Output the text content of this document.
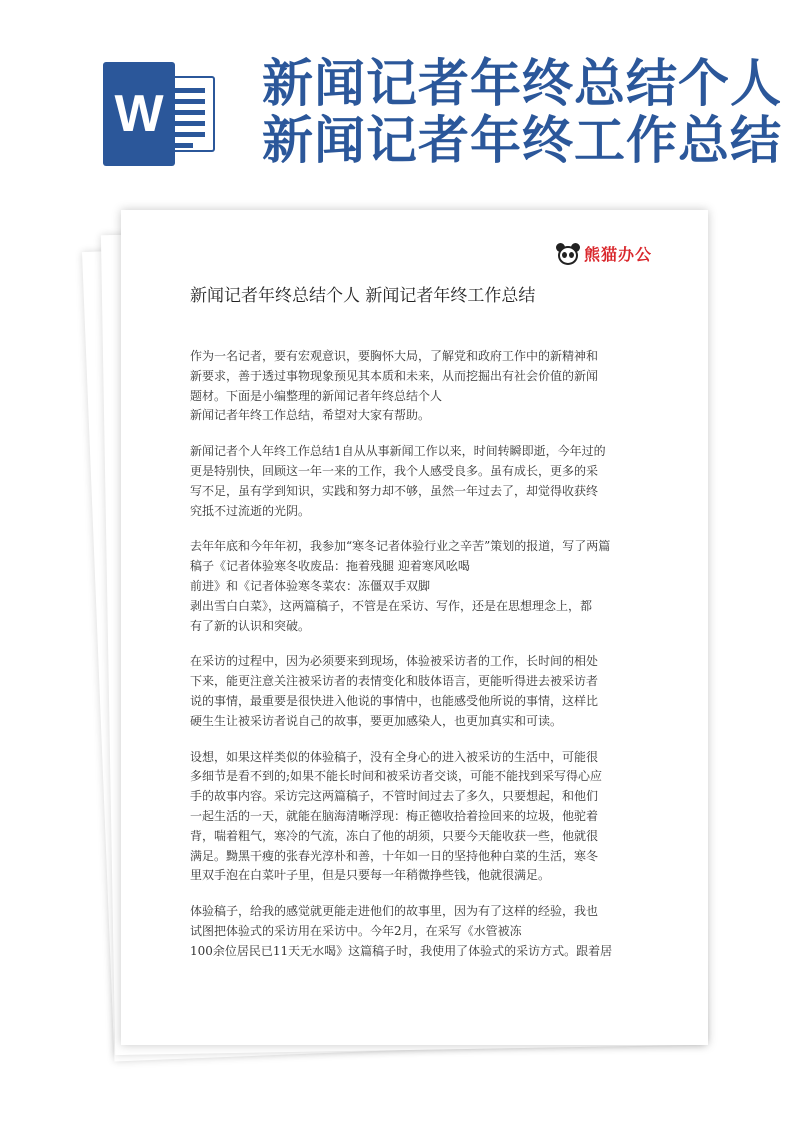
W 新闻记者年终总结个人
新闻记者年终工作总结
熊猫办公
新闻记者年终总结个人 新闻记者年终工作总结

作为一名记者，要有宏观意识，要胸怀大局，了解党和政府工作中的新精神和
新要求，善于透过事物现象预见其本质和未来，从而挖掘出有社会价值的新闻
题材。下面是小编整理的新闻记者年终总结个人
新闻记者年终工作总结，希望对大家有帮助。

新闻记者个人年终工作总结1自从从事新闻工作以来，时间转瞬即逝，今年过的
更是特别快，回顾这一年一来的工作，我个人感受良多。虽有成长，更多的采
写不足，虽有学到知识，实践和努力却不够，虽然一年过去了，却觉得收获终
究抵不过流逝的光阴。

去年年底和今年年初，我参加“寒冬记者体验行业之辛苦”策划的报道，写了两篇
稿子《记者体验寒冬收废品：拖着残腿 迎着寒风吆喝
前进》和《记者体验寒冬菜农：冻僵双手双脚
剥出雪白白菜》，这两篇稿子，不管是在采访、写作，还是在思想理念上，都
有了新的认识和突破。

在采访的过程中，因为必须要来到现场，体验被采访者的工作，长时间的相处
下来，能更注意关注被采访者的表情变化和肢体语言，更能听得进去被采访者
说的事情，最重要是很快进入他说的事情中，也能感受他所说的事情，这样比
硬生生让被采访者说自己的故事，要更加感染人，也更加真实和可读。

设想，如果这样类似的体验稿子，没有全身心的进入被采访的生活中，可能很
多细节是看不到的;如果不能长时间和被采访者交谈，可能不能找到采写得心应
手的故事内容。采访完这两篇稿子，不管时间过去了多久，只要想起，和他们
一起生活的一天，就能在脑海清晰浮现：梅正德收拾着捡回来的垃圾，他驼着
背，喘着粗气，寒冷的气流，冻白了他的胡须，只要今天能收获一些，他就很
满足。黝黑干瘦的张春光淳朴和善，十年如一日的坚持他种白菜的生活，寒冬
里双手泡在白菜叶子里，但是只要每一年稍微挣些钱，他就很满足。

体验稿子，给我的感觉就更能走进他们的故事里，因为有了这样的经验，我也
试图把体验式的采访用在采访中。今年2月，在采写《水管被冻
100余位居民已11天无水喝》这篇稿子时，我使用了体验式的采访方式。跟着居
